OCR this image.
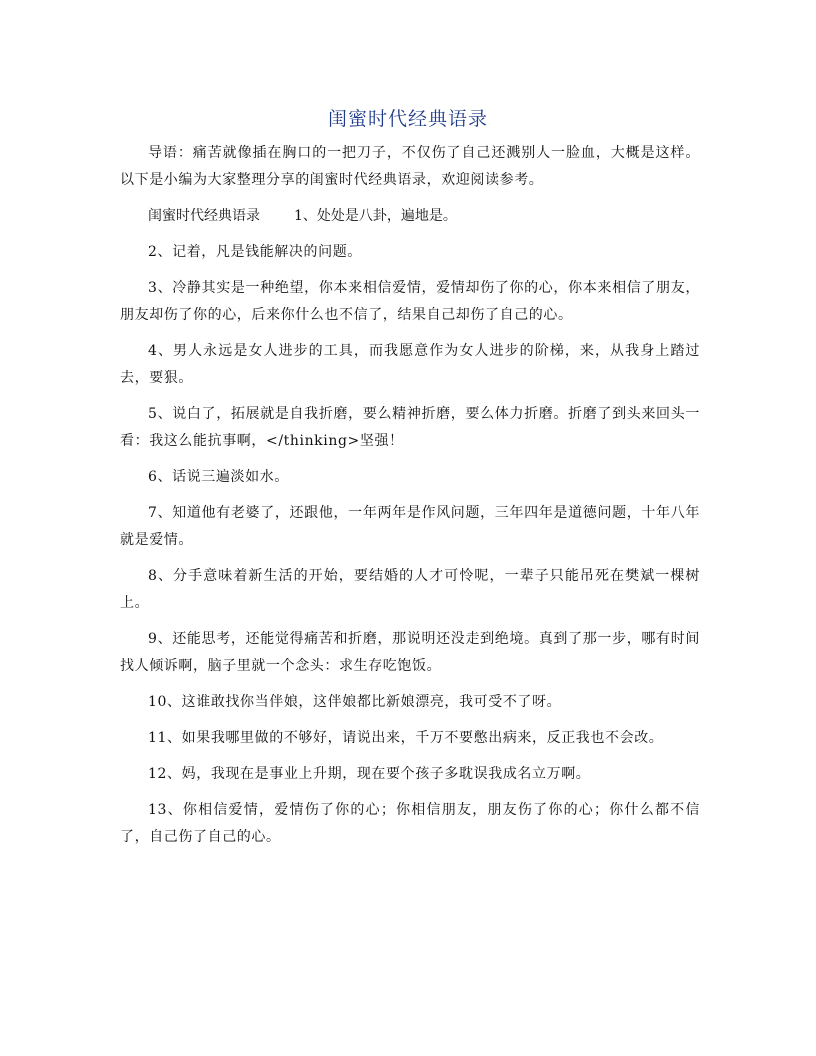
闺蜜时代经典语录

导语：痛苦就像插在胸口的一把刀子，不仅伤了自己还溅别人一脸血，大概是这样。以下是小编为大家整理分享的闺蜜时代经典语录，欢迎阅读参考。

闺蜜时代经典语录 1、处处是八卦，遍地是。

2、记着，凡是钱能解决的问题。

3、冷静其实是一种绝望，你本来相信爱情，爱情却伤了你的心，你本来相信了朋友，朋友却伤了你的心，后来你什么也不信了，结果自己却伤了自己的心。

4、男人永远是女人进步的工具，而我愿意作为女人进步的阶梯，来，从我身上踏过去，要狠。

5、说白了，拓展就是自我折磨，要么精神折磨，要么体力折磨。折磨了到头来回头一看：我这么能抗事啊，</thinking>坚强！

6、话说三遍淡如水。

7、知道他有老婆了，还跟他，一年两年是作风问题，三年四年是道德问题，十年八年就是爱情。

8、分手意味着新生活的开始，要结婚的人才可怜呢，一辈子只能吊死在樊斌一棵树上。

9、还能思考，还能觉得痛苦和折磨，那说明还没走到绝境。真到了那一步，哪有时间找人倾诉啊，脑子里就一个念头：求生存吃饱饭。

10、这谁敢找你当伴娘，这伴娘都比新娘漂亮，我可受不了呀。

11、如果我哪里做的不够好，请说出来，千万不要憋出病来，反正我也不会改。

12、妈，我现在是事业上升期，现在要个孩子多耽误我成名立万啊。

13、你相信爱情，爱情伤了你的心；你相信朋友，朋友伤了你的心；你什么都不信了，自己伤了自己的心。
